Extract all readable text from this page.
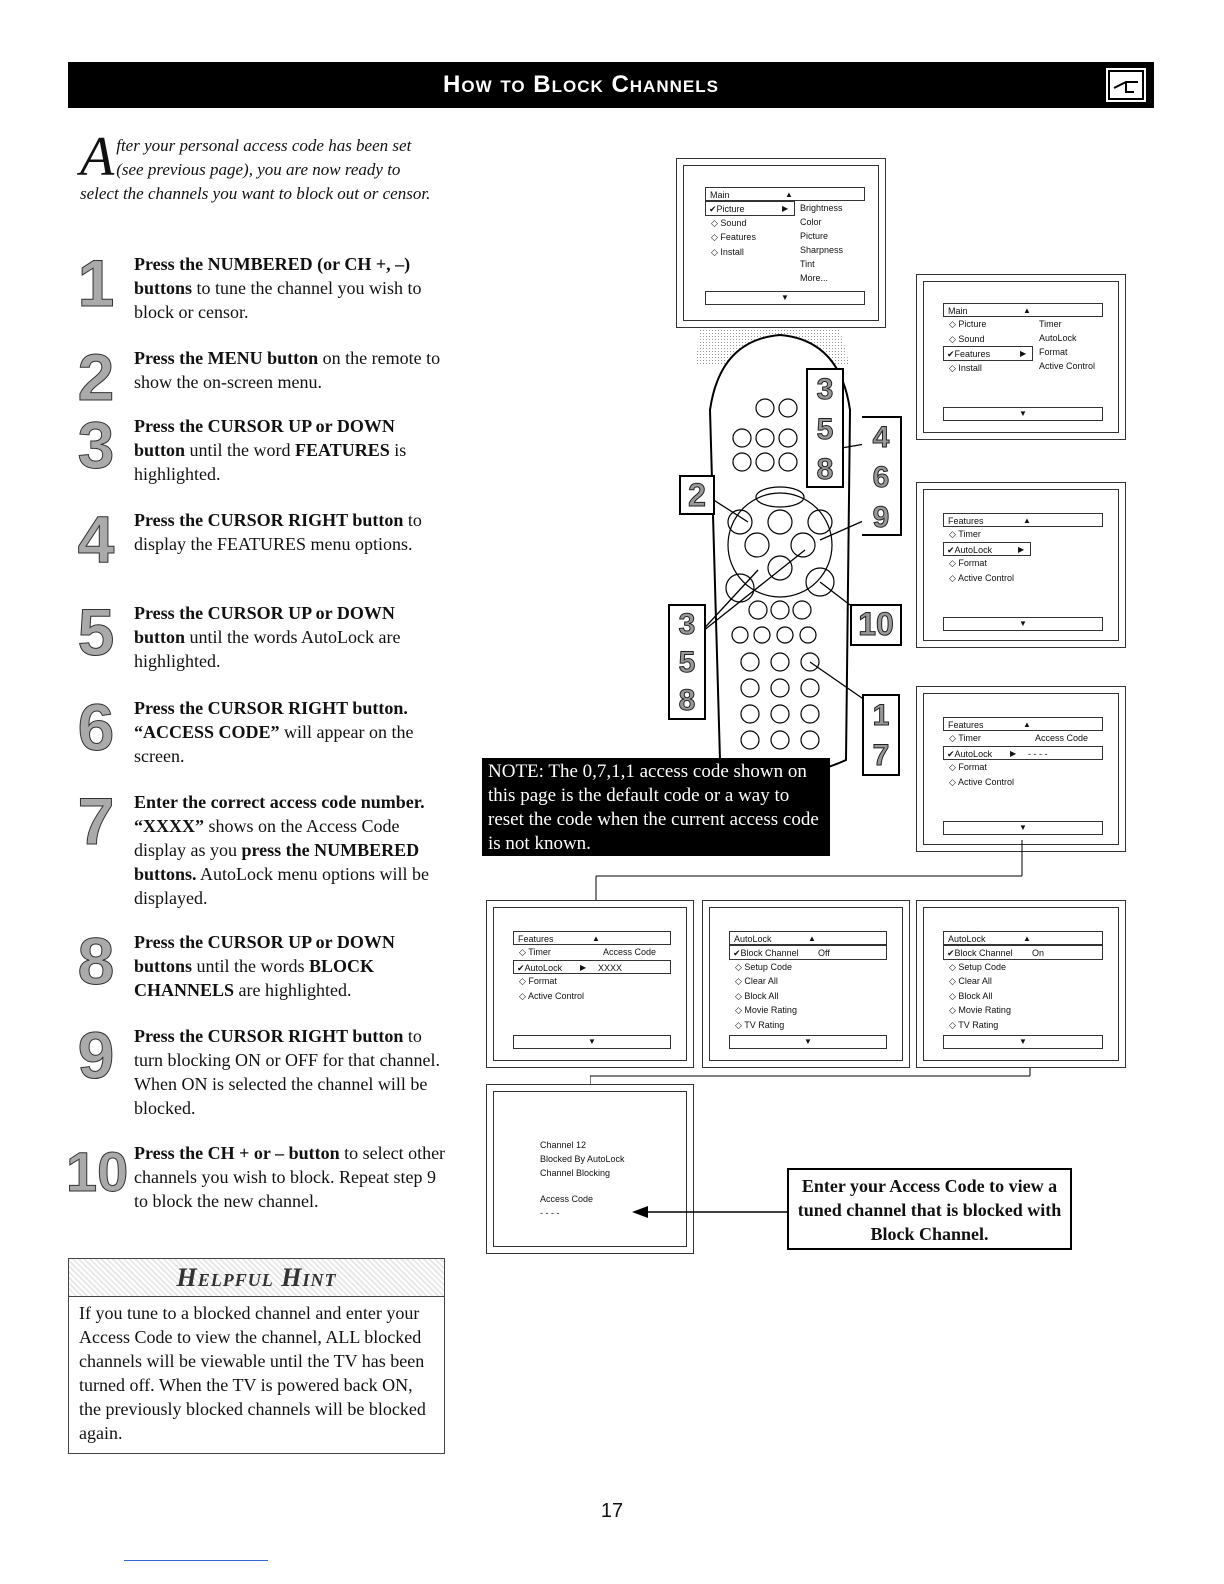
How to Block Channels
After your personal access code has been set (see previous page), you are now ready to select the channels you want to block out or censor.
1	Press the NUMBERED (or CH +, –) buttons to tune the channel you wish to block or censor.
2	Press the MENU button on the remote to show the on-screen menu.
3	Press the CURSOR UP or DOWN button until the word FEATURES is highlighted.
4	Press the CURSOR RIGHT button to display the FEATURES menu options.
5	Press the CURSOR UP or DOWN button until the words AutoLock are highlighted.
6	Press the CURSOR RIGHT button. “ACCESS CODE” will appear on the screen.
7	Enter the correct access code number. “XXXX” shows on the Access Code display as you press the NUMBERED buttons. AutoLock menu options will be displayed.
8	Press the CURSOR UP or DOWN buttons until the words BLOCK CHANNELS are highlighted.
9	Press the CURSOR RIGHT button to turn blocking ON or OFF for that channel. When ON is selected the channel will be blocked.
10 Press the CH + or – button to select other channels you wish to block. Repeat step 9 to block the new channel.
Helpful Hint
If you tune to a blocked channel and enter your Access Code to view the channel, ALL blocked channels will be viewable until the TV has been turned off. When the TV is powered back ON, the previously blocked channels will be blocked again.
2
3
5
8
4
6
9
3
5
8
10
1
7
Main	▲
✔Picture	▶
◇ Sound
◇ Features
◇ Install
Brightness
Color
Picture
Sharpness
Tint
More...
▼
Main	▲
◇ Picture
◇ Sound
✔Features	▶
◇ Install
Timer
AutoLock
Format
Active Control
▼
Features	▲
◇ Timer
✔AutoLock	▶
◇ Format
◇ Active Control
▼
Features	▲
◇ Timer	Access Code
✔AutoLock ▶ - - - -
◇ Format
◇ Active Control
▼
NOTE: The 0,7,1,1 access code shown on this page is the default code or a way to reset the code when the current access code is not known.
Features	▲
◇ Timer	Access Code
✔AutoLock ▶ XXXX
◇ Format
◇ Active Control
▼
AutoLock	▲
✔Block Channel Off
◇ Setup Code
◇ Clear All
◇ Block All
◇ Movie Rating
◇ TV Rating
▼
AutoLock	▲
✔Block Channel On
◇ Setup Code
◇ Clear All
◇ Block All
◇ Movie Rating
◇ TV Rating
▼
Channel 12
Blocked By AutoLock
Channel Blocking
Access Code
- - - -
Enter your Access Code to view a tuned channel that is blocked with Block Channel.
17
